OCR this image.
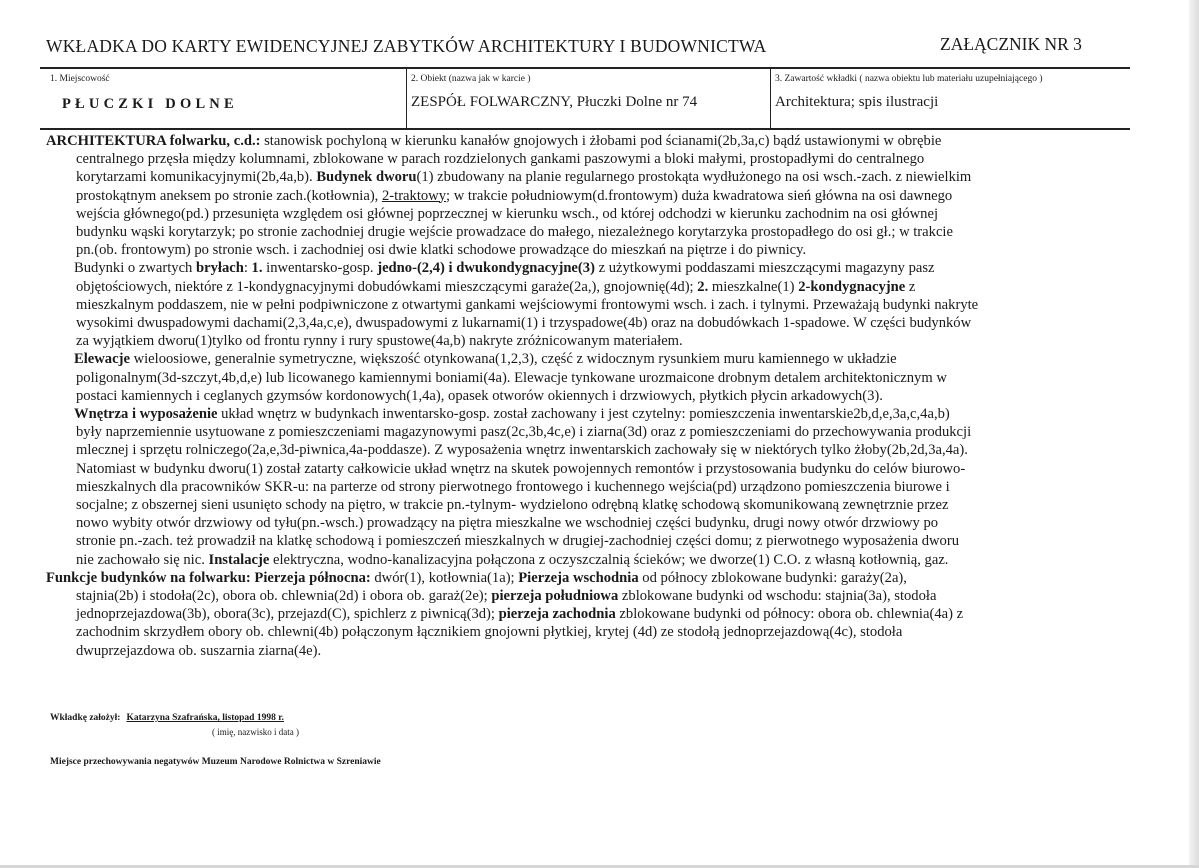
WKŁADKA DO KARTY EWIDENCYJNEJ ZABYTKÓW ARCHITEKTURY I BUDOWNICTWA	ZAŁĄCZNIK NR 3
1. Miejscowość
PŁUCZKI DOLNE
2. Obiekt (nazwa jak w karcie )
ZESPÓŁ FOLWARCZNY, Płuczki Dolne nr 74
3. Zawartość wkładki ( nazwa obiektu lub materiału uzupełniającego )
Architektura; spis ilustracji
ARCHITEKTURA folwarku, c.d.: stanowisk pochyloną w kierunku kanałów gnojowych i żłobami pod ścianami(2b,3a,c) bądź ustawionymi w obrębie
centralnego przęsła między kolumnami, zblokowane w parach rozdzielonych gankami paszowymi a bloki małymi, prostopadłymi do centralnego
korytarzami komunikacyjnymi(2b,4a,b). Budynek dworu(1) zbudowany na planie regularnego prostokąta wydłużonego na osi wsch.-zach. z niewielkim
prostokątnym aneksem po stronie zach.(kotłownia), 2-traktowy; w trakcie południowym(d.frontowym) duża kwadratowa sień główna na osi dawnego
wejścia głównego(pd.) przesunięta względem osi głównej poprzecznej w kierunku wsch., od której odchodzi w kierunku zachodnim na osi głównej
budynku wąski korytarzyk; po stronie zachodniej drugie wejście prowadzace do małego, niezależnego korytarzyka prostopadłego do osi gł.; w trakcie
pn.(ob. frontowym) po stronie wsch. i zachodniej osi dwie klatki schodowe prowadzące do mieszkań na piętrze i do piwnicy.
Budynki o zwartych bryłach: 1. inwentarsko-gosp. jedno-(2,4) i dwukondygnacyjne(3) z użytkowymi poddaszami mieszczącymi magazyny pasz
objętościowych, niektóre z 1-kondygnacyjnymi dobudówkami mieszczącymi garaże(2a,), gnojownię(4d); 2. mieszkalne(1) 2-kondygnacyjne z
mieszkalnym poddaszem, nie w pełni podpiwniczone z otwartymi gankami wejściowymi frontowymi wsch. i zach. i tylnymi. Przeważają budynki nakryte
wysokimi dwuspadowymi dachami(2,3,4a,c,e), dwuspadowymi z lukarnami(1) i trzyspadowe(4b) oraz na dobudówkach 1-spadowe. W części budynków
za wyjątkiem dworu(1)tylko od frontu rynny i rury spustowe(4a,b) nakryte zróżnicowanym materiałem.
Elewacje wieloosiowe, generalnie symetryczne, większość otynkowana(1,2,3), część z widocznym rysunkiem muru kamiennego w układzie
poligonalnym(3d-szczyt,4b,d,e) lub licowanego kamiennymi boniami(4a). Elewacje tynkowane urozmaicone drobnym detalem architektonicznym w
postaci kamiennych i ceglanych gzymsów kordonowych(1,4a), opasek otworów okiennych i drzwiowych, płytkich płycin arkadowych(3).
Wnętrza i wyposażenie układ wnętrz w budynkach inwentarsko-gosp. został zachowany i jest czytelny: pomieszczenia inwentarskie2b,d,e,3a,c,4a,b)
były naprzemiennie usytuowane z pomieszczeniami magazynowymi pasz(2c,3b,4c,e) i ziarna(3d) oraz z pomieszczeniami do przechowywania produkcji
mlecznej i sprzętu rolniczego(2a,e,3d-piwnica,4a-poddasze). Z wyposażenia wnętrz inwentarskich zachowały się w niektórych tylko żłoby(2b,2d,3a,4a).
Natomiast w budynku dworu(1) został zatarty całkowicie układ wnętrz na skutek powojennych remontów i przystosowania budynku do celów biurowo-
mieszkalnych dla pracowników SKR-u: na parterze od strony pierwotnego frontowego i kuchennego wejścia(pd) urządzono pomieszczenia biurowe i
socjalne; z obszernej sieni usunięto schody na piętro, w trakcie pn.-tylnym- wydzielono odrębną klatkę schodową skomunikowaną zewnętrznie przez
nowo wybity otwór drzwiowy od tyłu(pn.-wsch.) prowadzący na piętra mieszkalne we wschodniej części budynku, drugi nowy otwór drzwiowy po
stronie pn.-zach. też prowadził na klatkę schodową i pomieszczeń mieszkalnych w drugiej-zachodniej części domu; z pierwotnego wyposażenia dworu
nie zachowało się nic. Instalacje elektryczna, wodno-kanalizacyjna połączona z oczyszczalnią ścieków; we dworze(1) C.O. z własną kotłownią, gaz.
Funkcje budynków na folwarku: Pierzeja północna: dwór(1), kotłownia(1a); Pierzeja wschodnia od północy zblokowane budynki: garaży(2a),
stajnia(2b) i stodoła(2c), obora ob. chlewnia(2d) i obora ob. garaż(2e); pierzeja południowa zblokowane budynki od wschodu: stajnia(3a), stodoła
jednoprzejazdowa(3b), obora(3c), przejazd(C), spichlerz z piwnicą(3d); pierzeja zachodnia zblokowane budynki od północy: obora ob. chlewnia(4a) z
zachodnim skrzydłem obory ob. chlewni(4b) połączonym łącznikiem gnojowni płytkiej, krytej (4d) ze stodołą jednoprzejazdową(4c), stodoła
dwuprzejazdowa ob. suszarnia ziarna(4e).
Wkładkę założył: Katarzyna Szafrańska, listopad 1998 r.
( imię, nazwisko i data )
Miejsce przechowywania negatywów Muzeum Narodowe Rolnictwa w Szreniawie
